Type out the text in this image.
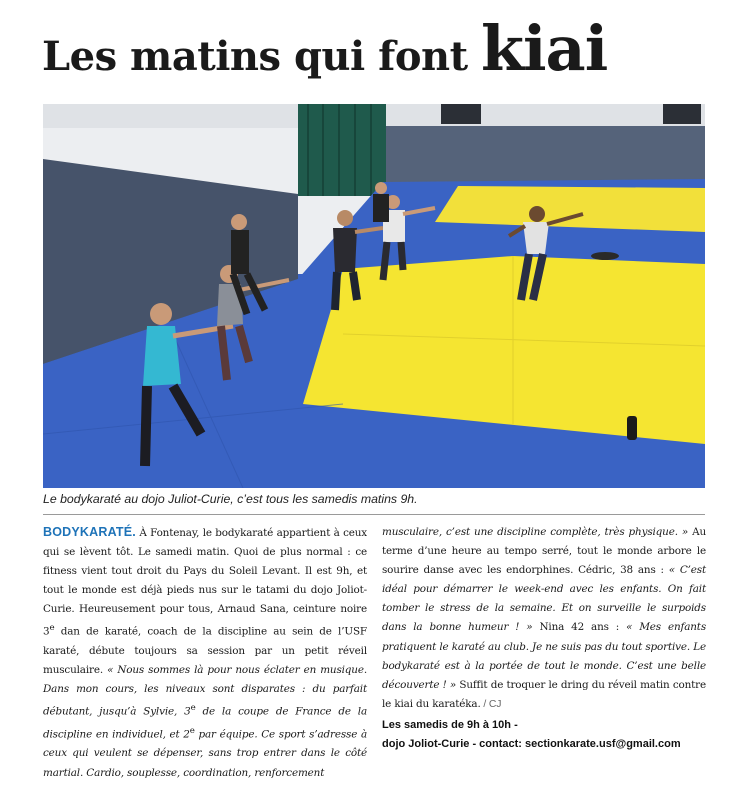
Les matins qui font kiai
Le bodykaraté au dojo Juliot-Curie, c’est tous les samedis matins 9h.

BODYKARATÉ. À Fontenay, le bodykaraté appartient à ceux qui se lèvent tôt. Le samedi matin. Quoi de plus normal : ce fitness vient tout droit du Pays du Soleil Levant. Il est 9h, et tout le monde est déjà pieds nus sur le tatami du dojo Joliot-Curie. Heureusement pour tous, Arnaud Sana, ceinture noire 3e dan de karaté, coach de la discipline au sein de l’USF karaté, débute toujours sa session par un petit réveil musculaire. « Nous sommes là pour nous éclater en musique. Dans mon cours, les niveaux sont disparates : du parfait débutant, jusqu’à Sylvie, 3e de la coupe de France de la discipline en individuel, et 2e par équipe. Ce sport s’adresse à ceux qui veulent se dépenser, sans trop entrer dans le côté martial. Cardio, souplesse, coordination, renforcement

musculaire, c’est une discipline complète, très physique. » Au terme d’une heure au tempo serré, tout le monde arbore le sourire danse avec les endorphines. Cédric, 38 ans : « C’est idéal pour démarrer le week-end avec les enfants. On fait tomber le stress de la semaine. Et on surveille le surpoids dans la bonne humeur ! » Nina 42 ans : « Mes enfants pratiquent le karaté au club. Je ne suis pas du tout sportive. Le bodykaraté est à la portée de tout le monde. C’est une belle découverte ! » Suffit de troquer le dring du réveil matin contre le kiai du karatéka. / CJ

Les samedis de 9h à 10h -
dojo Joliot-Curie - contact: sectionkarate.usf@gmail.com
